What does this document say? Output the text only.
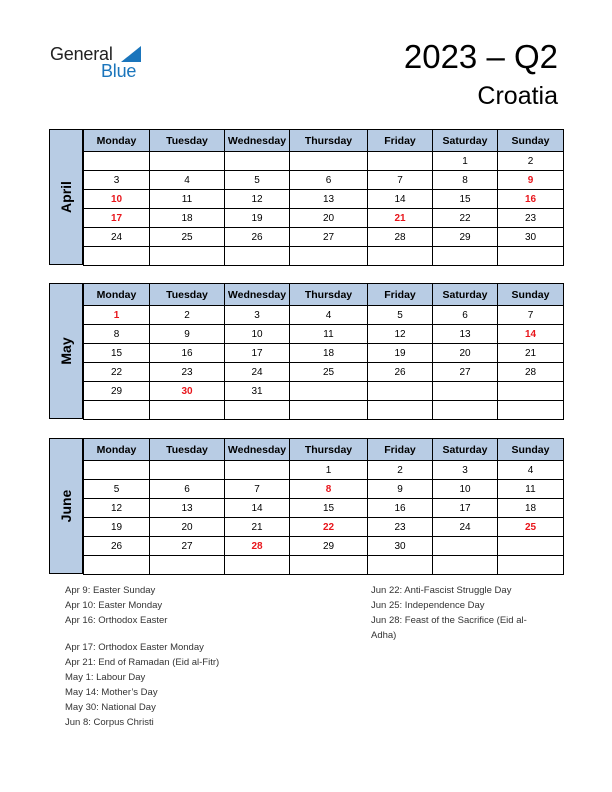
General
Blue	2023 – Q2
Croatia
April
Monday	Tuesday	Wednesday	Thursday	Friday	Saturday	Sunday
					1	2
3	4	5	6	7	8	9
10	11	12	13	14	15	16
17	18	19	20	21	22	23
24	25	26	27	28	29	30

May
Monday	Tuesday	Wednesday	Thursday	Friday	Saturday	Sunday
1	2	3	4	5	6	7
8	9	10	11	12	13	14
15	16	17	18	19	20	21
22	23	24	25	26	27	28
29	30	31				

June
Monday	Tuesday	Wednesday	Thursday	Friday	Saturday	Sunday
			1	2	3	4
5	6	7	8	9	10	11
12	13	14	15	16	17	18
19	20	21	22	23	24	25
26	27	28	29	30		

Apr 9: Easter Sunday
Apr 10: Easter Monday
Apr 16: Orthodox Easter
Apr 17: Orthodox Easter Monday
Apr 21: End of Ramadan (Eid al-Fitr)
May 1: Labour Day
May 14: Mother’s Day
May 30: National Day
Jun 8: Corpus Christi
Jun 22: Anti-Fascist Struggle Day
Jun 25: Independence Day
Jun 28: Feast of the Sacrifice (Eid al-
Adha)
